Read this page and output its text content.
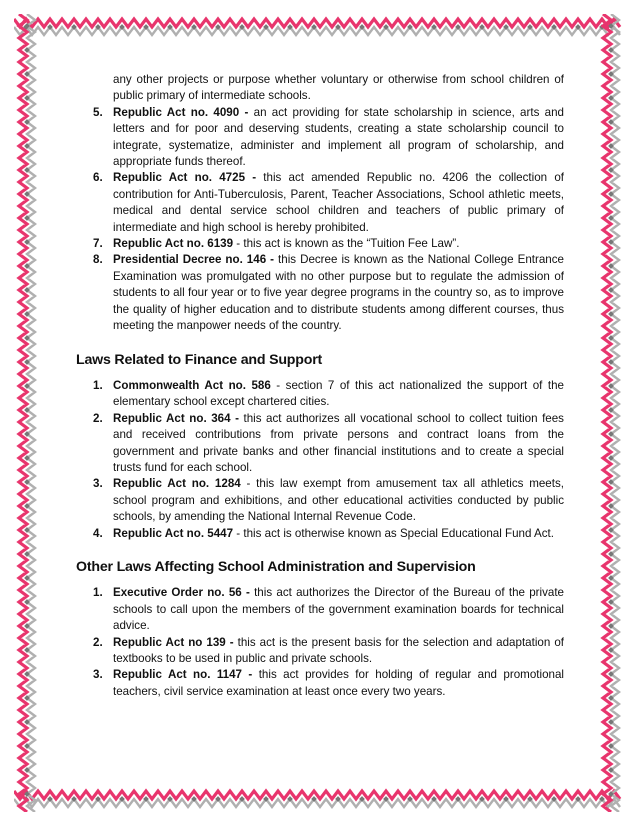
any other projects or purpose whether voluntary or otherwise from school children of public primary of intermediate schools.
5. Republic Act no. 4090 - an act providing for state scholarship in science, arts and letters and for poor and deserving students, creating a state scholarship council to integrate, systematize, administer and implement all program of scholarship, and appropriate funds thereof.
6. Republic Act no. 4725 - this act amended Republic no. 4206 the collection of contribution for Anti-Tuberculosis, Parent, Teacher Associations, School athletic meets, medical and dental service school children and teachers of public primary of intermediate and high school is hereby prohibited.
7. Republic Act no. 6139 - this act is known as the “Tuition Fee Law”.
8. Presidential Decree no. 146 - this Decree is known as the National College Entrance Examination was promulgated with no other purpose but to regulate the admission of students to all four year or to five year degree programs in the country so, as to improve the quality of higher education and to distribute students among different courses, thus meeting the manpower needs of the country.
Laws Related to Finance and Support
1. Commonwealth Act no. 586 - section 7 of this act nationalized the support of the elementary school except chartered cities.
2. Republic Act no. 364 - this act authorizes all vocational school to collect tuition fees and received contributions from private persons and contract loans from the government and private banks and other financial institutions and to create a special trusts fund for each school.
3. Republic Act no. 1284 - this law exempt from amusement tax all athletics meets, school program and exhibitions, and other educational activities conducted by public schools, by amending the National Internal Revenue Code.
4. Republic Act no. 5447 - this act is otherwise known as Special Educational Fund Act.
Other Laws Affecting School Administration and Supervision
1. Executive Order no. 56 - this act authorizes the Director of the Bureau of the private schools to call upon the members of the government examination boards for technical advice.
2. Republic Act no 139 - this act is the present basis for the selection and adaptation of textbooks to be used in public and private schools.
3. Republic Act no. 1147 - this act provides for holding of regular and promotional teachers, civil service examination at least once every two years.
